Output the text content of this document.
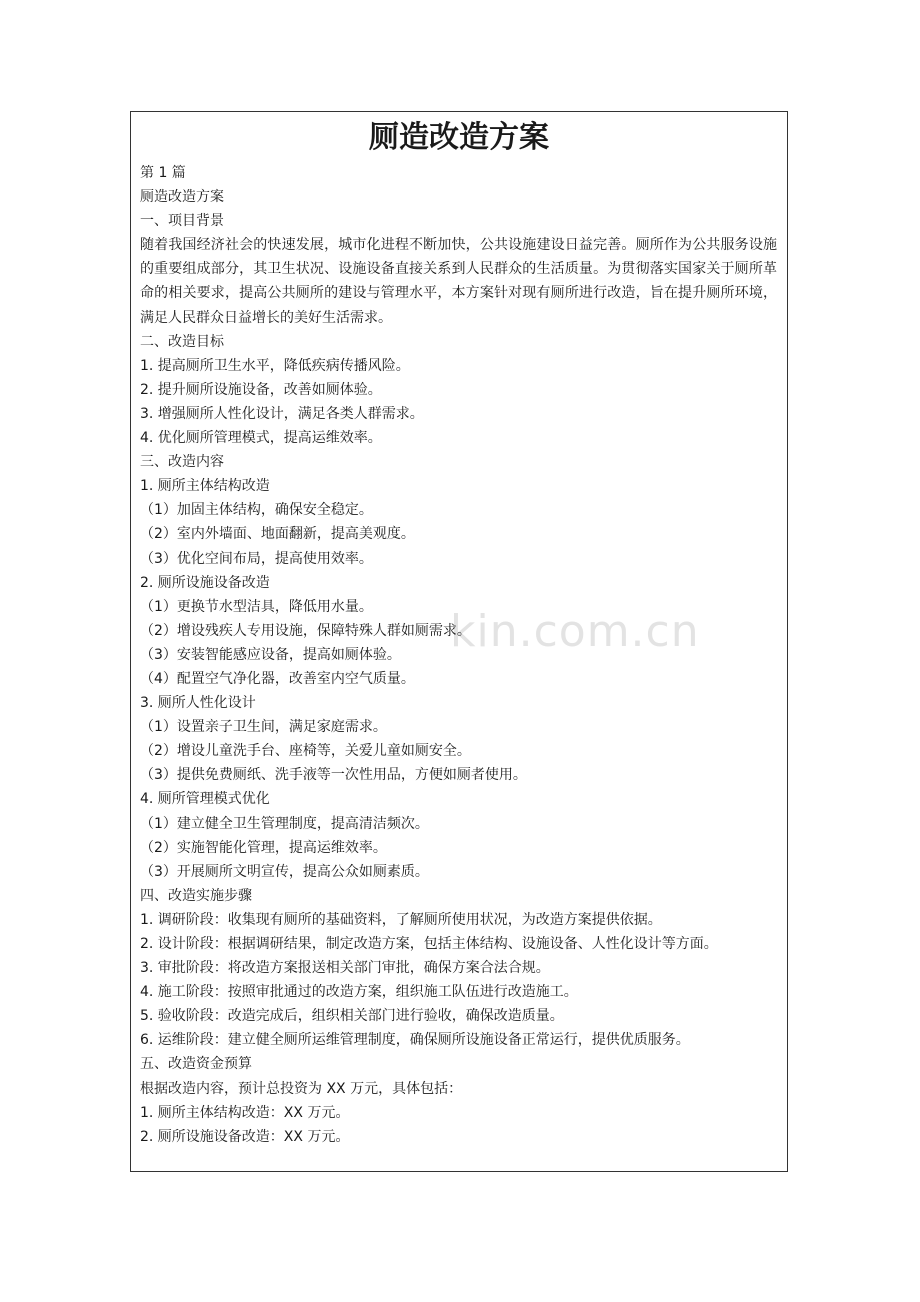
kin.com.cn
厕造改造方案
第 1 篇
厕造改造方案
一、项目背景
随着我国经济社会的快速发展，城市化进程不断加快，公共设施建设日益完善。厕所作为公共服务设施的重要组成部分，其卫生状况、设施设备直接关系到人民群众的生活质量。为贯彻落实国家关于厕所革命的相关要求，提高公共厕所的建设与管理水平，本方案针对现有厕所进行改造，旨在提升厕所环境，满足人民群众日益增长的美好生活需求。
二、改造目标
1. 提高厕所卫生水平，降低疾病传播风险。
2. 提升厕所设施设备，改善如厕体验。
3. 增强厕所人性化设计，满足各类人群需求。
4. 优化厕所管理模式，提高运维效率。
三、改造内容
1. 厕所主体结构改造
（1）加固主体结构，确保安全稳定。
（2）室内外墙面、地面翻新，提高美观度。
（3）优化空间布局，提高使用效率。
2. 厕所设施设备改造
（1）更换节水型洁具，降低用水量。
（2）增设残疾人专用设施，保障特殊人群如厕需求。
（3）安装智能感应设备，提高如厕体验。
（4）配置空气净化器，改善室内空气质量。
3. 厕所人性化设计
（1）设置亲子卫生间，满足家庭需求。
（2）增设儿童洗手台、座椅等，关爱儿童如厕安全。
（3）提供免费厕纸、洗手液等一次性用品，方便如厕者使用。
4. 厕所管理模式优化
（1）建立健全卫生管理制度，提高清洁频次。
（2）实施智能化管理，提高运维效率。
（3）开展厕所文明宣传，提高公众如厕素质。
四、改造实施步骤
1. 调研阶段：收集现有厕所的基础资料，了解厕所使用状况，为改造方案提供依据。
2. 设计阶段：根据调研结果，制定改造方案，包括主体结构、设施设备、人性化设计等方面。
3. 审批阶段：将改造方案报送相关部门审批，确保方案合法合规。
4. 施工阶段：按照审批通过的改造方案，组织施工队伍进行改造施工。
5. 验收阶段：改造完成后，组织相关部门进行验收，确保改造质量。
6. 运维阶段：建立健全厕所运维管理制度，确保厕所设施设备正常运行，提供优质服务。
五、改造资金预算
根据改造内容，预计总投资为 XX 万元，具体包括：
1. 厕所主体结构改造：XX 万元。
2. 厕所设施设备改造：XX 万元。
